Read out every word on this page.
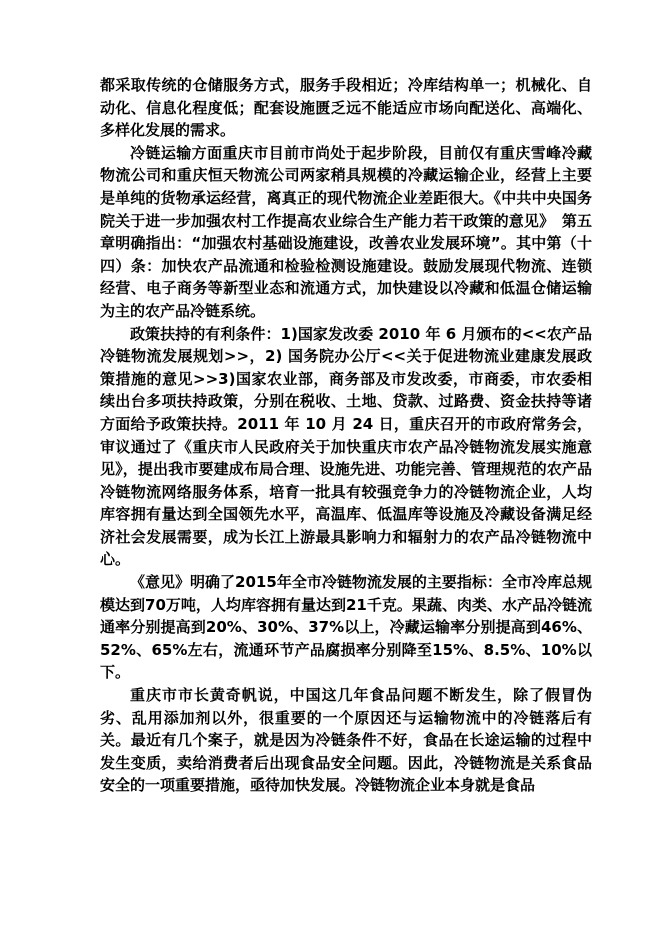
都采取传统的仓储服务方式，服务手段相近；冷库结构单一；机械化、自动化、信息化程度低；配套设施匮乏远不能适应市场向配送化、高端化、多样化发展的需求。

冷链运输方面重庆市目前市尚处于起步阶段，目前仅有重庆雪峰冷藏物流公司和重庆恒天物流公司两家稍具规模的冷藏运输企业，经营上主要是单纯的货物承运经营，离真正的现代物流企业差距很大。《中共中央国务院关于进一步加强农村工作提高农业综合生产能力若干政策的意见》　第五章明确指出：“加强农村基础设施建设，改善农业发展环境”。其中第（十四）条：加快农产品流通和检验检测设施建设。鼓励发展现代物流、连锁经营、电子商务等新型业态和流通方式，加快建设以冷藏和低温仓储运输为主的农产品冷链系统。

政策扶持的有利条件：1)国家发改委 2010 年 6 月颁布的<<农产品冷链物流发展规划>>，2) 国务院办公厅<<关于促进物流业建康发展政策措施的意见>>3)国家农业部，商务部及市发改委，市商委，市农委相续出台多项扶持政策，分别在税收、土地、贷款、过路费、资金扶持等诸方面给予政策扶持。2011 年 10 月 24 日，重庆召开的市政府常务会，审议通过了《重庆市人民政府关于加快重庆市农产品冷链物流发展实施意见》，提出我市要建成布局合理、设施先进、功能完善、管理规范的农产品冷链物流网络服务体系，培育一批具有较强竞争力的冷链物流企业，人均库容拥有量达到全国领先水平，高温库、低温库等设施及冷藏设备满足经济社会发展需要，成为长江上游最具影响力和辐射力的农产品冷链物流中心。

《意见》明确了2015年全市冷链物流发展的主要指标：全市冷库总规模达到70万吨，人均库容拥有量达到21千克。果蔬、肉类、水产品冷链流通率分别提高到20%、30%、37%以上，冷藏运输率分别提高到46%、52%、65%左右，流通环节产品腐损率分别降至15%、8.5%、10%以下。

重庆市市长黄奇帆说，中国这几年食品问题不断发生，除了假冒伪劣、乱用添加剂以外，很重要的一个原因还与运输物流中的冷链落后有关。最近有几个案子，就是因为冷链条件不好，食品在长途运输的过程中发生变质，卖给消费者后出现食品安全问题。因此，冷链物流是关系食品安全的一项重要措施，亟待加快发展。冷链物流企业本身就是食品
